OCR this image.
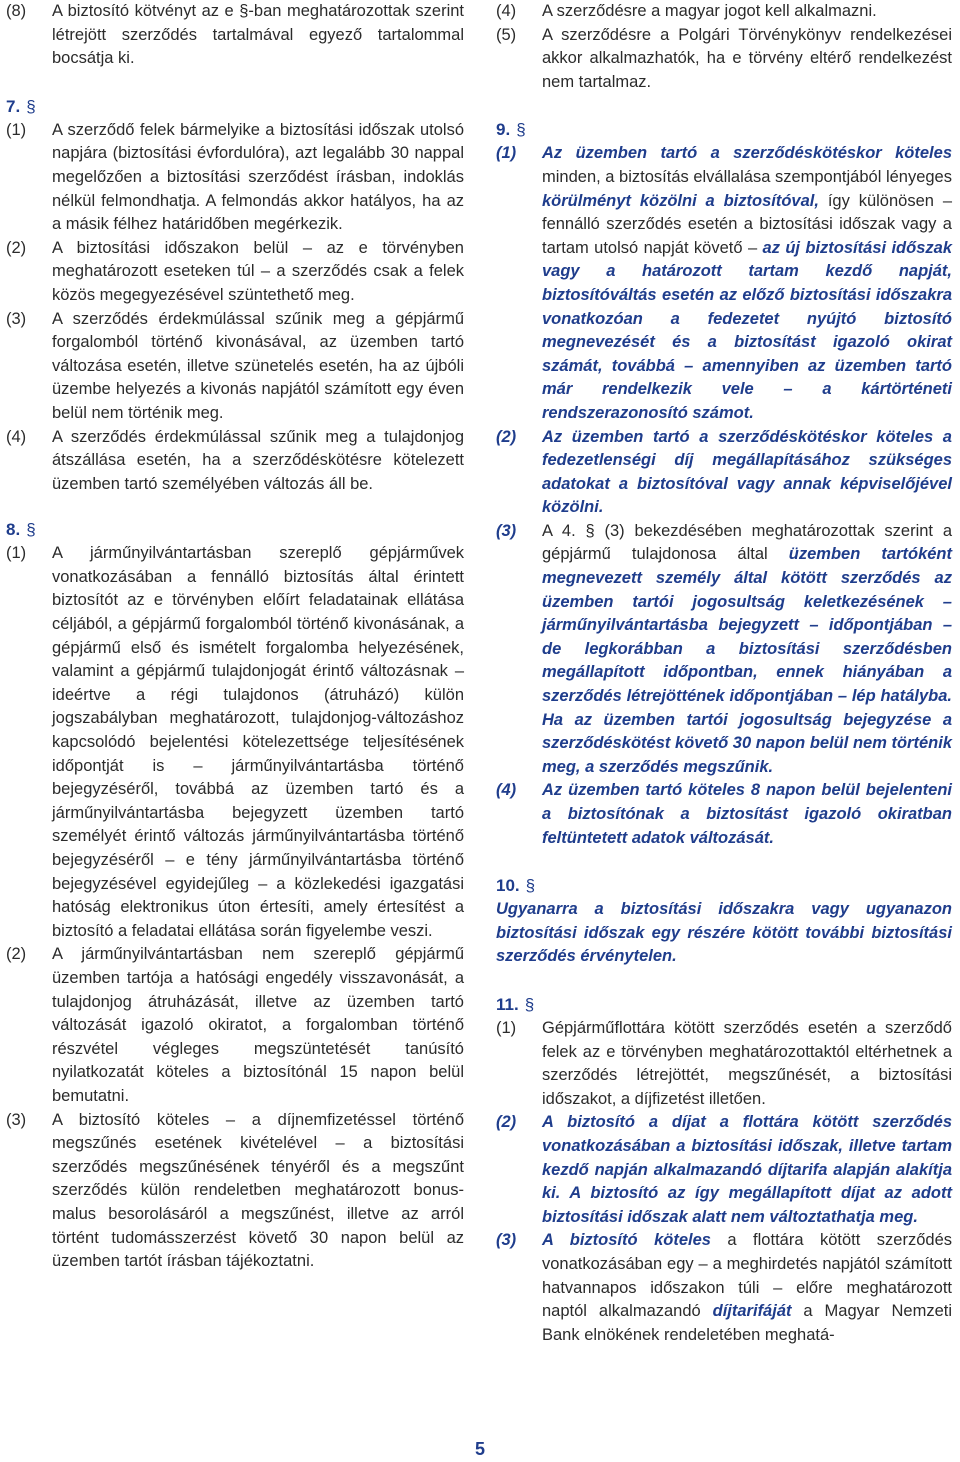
(8)	A biztosító kötvényt az e §-ban meghatározottak szerint létrejött szerződés tartalmával egyező tartalommal bocsátja ki.
7. §
(1)	A szerződő felek bármelyike a biztosítási időszak utolsó napjára (biztosítási évfordulóra), azt legalább 30 nappal megelőzően a biztosítási szerződést írásban, indoklás nélkül felmondhatja. A felmondás akkor hatályos, ha az a másik félhez határidőben megérkezik.
(2)	A biztosítási időszakon belül – az e törvényben meghatározott eseteken túl – a szerződés csak a felek közös megegyezésével szüntethető meg.
(3)	A szerződés érdekmúlással szűnik meg a gépjármű forgalomból történő kivonásával, az üzemben tartó változása esetén, illetve szünetelés esetén, ha az újbóli üzembe helyezés a kivonás napjától számított egy éven belül nem történik meg.
(4)	A szerződés érdekmúlással szűnik meg a tulajdonjog átszállása esetén, ha a szerződéskötésre kötelezett üzemben tartó személyében változás áll be.
8. §
(1)	A járműnyilvántartásban szereplő gépjárművek vonatkozásában a fennálló biztosítás által érintett biztosítót az e törvényben előírt feladatainak ellátása céljából, a gépjármű forgalomból történő kivonásának, a gépjármű első és ismételt forgalomba helyezésének, valamint a gépjármű tulajdonjogát érintő változásnak – ideértve a régi tulajdonos (átruházó) külön jogszabályban meghatározott, tulajdonjog-változáshoz kapcsolódó bejelentési kötelezettsége teljesítésének időpontját is – járműnyilvántartásba történő bejegyzéséről, továbbá az üzemben tartó és a járműnyilvántartásba bejegyzett üzemben tartó személyét érintő változás járműnyilvántartásba történő bejegyzéséről – e tény járműnyilvántartásba történő bejegyzésével egyidejűleg – a közlekedési igazgatási hatóság elektronikus úton értesíti, amely értesítést a biztosító a feladatai ellátása során figyelembe veszi.
(2)	A járműnyilvántartásban nem szereplő gépjármű üzemben tartója a hatósági engedély visszavonását, a tulajdonjog átruházását, illetve az üzemben tartó változását igazoló okiratot, a forgalomban történő részvétel végleges megszüntetését tanúsító nyilatkozatát köteles a biztosítónál 15 napon belül bemutatni.
(3)	A biztosító köteles – a díjnemfizetéssel történő megszűnés esetének kivételével – a biztosítási szerződés megszűnésének tényéről és a megszűnt szerződés külön rendeletben meghatározott bonus-malus besorolásáról a megszűnést, illetve az arról történt tudomásszerzést követő 30 napon belül az üzemben tartót írásban tájékoztatni.
(4)	A szerződésre a magyar jogot kell alkalmazni.
(5)	A szerződésre a Polgári Törvénykönyv rendelkezései akkor alkalmazhatók, ha e törvény eltérő rendelkezést nem tartalmaz.
9. §
(1)	Az üzemben tartó a szerződéskötéskor köteles minden, a biztosítás elvállalása szempontjából lényeges körülményt közölni a biztosítóval, így különösen – fennálló szerződés esetén a biztosítási időszak vagy a tartam utolsó napját követő – az új biztosítási időszak vagy a határozott tartam kezdő napját, biztosítóváltás esetén az előző biztosítási időszakra vonatkozóan a fedezetet nyújtó biztosító megnevezését és a biztosítást igazoló okirat számát, továbbá – amennyiben az üzemben tartó már rendelkezik vele – a kártörténeti rendszerazonosító számot.
(2)	Az üzemben tartó a szerződéskötéskor köteles a fedezetlenségi díj megállapításához szükséges adatokat a biztosítóval vagy annak képviselőjével közölni.
(3)	A 4. § (3) bekezdésében meghatározottak szerint a gépjármű tulajdonosa által üzemben tartóként megnevezett személy által kötött szerződés az üzemben tartói jogosultság keletkezésének – járműnyilvántartásba bejegyzett – időpontjában – de legkorábban a biztosítási szerződésben megállapított időpontban, ennek hiányában a szerződés létrejöttének időpontjában – lép hatályba. Ha az üzemben tartói jogosultság bejegyzése a szerződéskötést követő 30 napon belül nem történik meg, a szerződés megszűnik.
(4)	Az üzemben tartó köteles 8 napon belül bejelenteni a biztosítónak a biztosítást igazoló okiratban feltüntetett adatok változását.
10. §
Ugyanarra a biztosítási időszakra vagy ugyanazon biztosítási időszak egy részére kötött további biztosítási szerződés érvénytelen.
11. §
(1)	Gépjárműflottára kötött szerződés esetén a szerződő felek az e törvényben meghatározottaktól eltérhetnek a szerződés létrejöttét, megszűnését, a biztosítási időszakot, a díjfizetést illetően.
(2)	A biztosító a díjat a flottára kötött szerződés vonatkozásában a biztosítási időszak, illetve tartam kezdő napján alkalmazandó díjtarifa alapján alakítja ki. A biztosító az így megállapított díjat az adott biztosítási időszak alatt nem változtathatja meg.
(3)	A biztosító köteles a flottára kötött szerződés vonatkozásában egy – a meghirdetés napjától számított hatvannapos időszakon túli – előre meghatározott naptól alkalmazandó díjtarifáját a Magyar Nemzeti Bank elnökének rendeletében meghatá-
5
